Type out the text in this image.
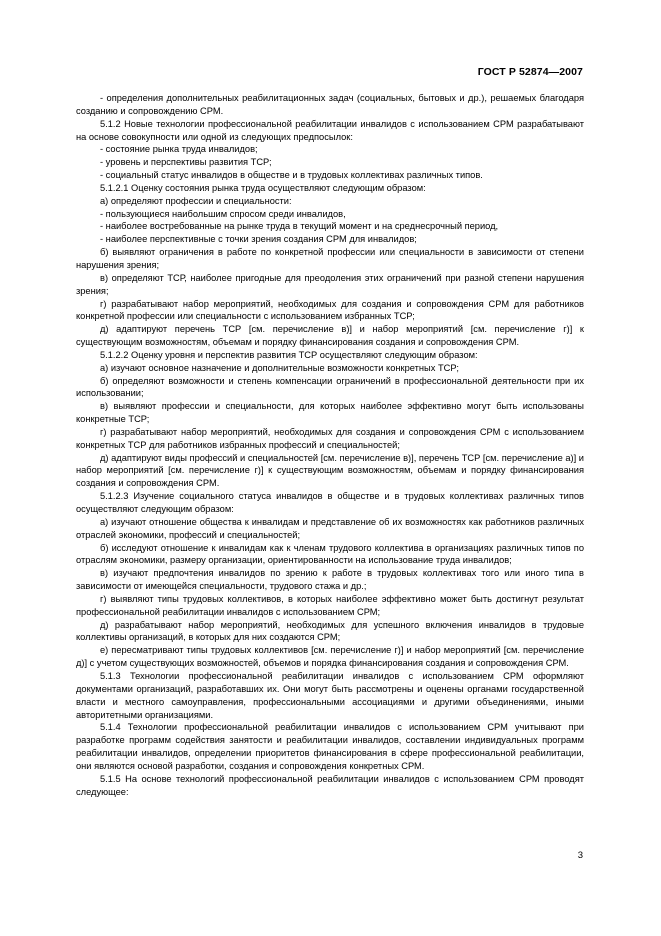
ГОСТ Р 52874—2007

- определения дополнительных реабилитационных задач (социальных, бытовых и др.), решаемых благодаря созданию и сопровождению СРМ.

5.1.2 Новые технологии профессиональной реабилитации инвалидов с использованием СРМ разрабатывают на основе совокупности или одной из следующих предпосылок:

- состояние рынка труда инвалидов;

- уровень и перспективы развития ТСР;

- социальный статус инвалидов в обществе и в трудовых коллективах различных типов.

5.1.2.1 Оценку состояния рынка труда осуществляют следующим образом:

а) определяют профессии и специальности:

- пользующиеся наибольшим спросом среди инвалидов,

- наиболее востребованные на рынке труда в текущий момент и на среднесрочный период,

- наиболее перспективные с точки зрения создания СРМ для инвалидов;

б) выявляют ограничения в работе по конкретной профессии или специальности в зависимости от степени нарушения зрения;

в) определяют ТСР, наиболее пригодные для преодоления этих ограничений при разной степени нарушения зрения;

г) разрабатывают набор мероприятий, необходимых для создания и сопровождения СРМ для работников конкретной профессии или специальности с использованием избранных ТСР;

д) адаптируют перечень ТСР [см. перечисление в)] и набор мероприятий [см. перечисление г)] к существующим возможностям, объемам и порядку финансирования создания и сопровождения СРМ.

5.1.2.2 Оценку уровня и перспектив развития ТСР осуществляют следующим образом:

а) изучают основное назначение и дополнительные возможности конкретных ТСР;

б) определяют возможности и степень компенсации ограничений в профессиональной деятельности при их использовании;

в) выявляют профессии и специальности, для которых наиболее эффективно могут быть использованы конкретные ТСР;

г) разрабатывают набор мероприятий, необходимых для создания и сопровождения СРМ с использованием конкретных ТСР для работников избранных профессий и специальностей;

д) адаптируют виды профессий и специальностей [см. перечисление в)], перечень ТСР [см. перечисление а)] и набор мероприятий [см. перечисление г)] к существующим возможностям, объемам и порядку финансирования создания и сопровождения СРМ.

5.1.2.3 Изучение социального статуса инвалидов в обществе и в трудовых коллективах различных типов осуществляют следующим образом:

а) изучают отношение общества к инвалидам и представление об их возможностях как работников различных отраслей экономики, профессий и специальностей;

б) исследуют отношение к инвалидам как к членам трудового коллектива в организациях различных типов по отраслям экономики, размеру организации, ориентированности на использование труда инвалидов;

в) изучают предпочтения инвалидов по зрению к работе в трудовых коллективах того или иного типа в зависимости от имеющейся специальности, трудового стажа и др.;

г) выявляют типы трудовых коллективов, в которых наиболее эффективно может быть достигнут результат профессиональной реабилитации инвалидов с использованием СРМ;

д) разрабатывают набор мероприятий, необходимых для успешного включения инвалидов в трудовые коллективы организаций, в которых для них создаются СРМ;

е) пересматривают типы трудовых коллективов [см. перечисление г)] и набор мероприятий [см. перечисление д)] с учетом существующих возможностей, объемов и порядка финансирования создания и сопровождения СРМ.

5.1.3 Технологии профессиональной реабилитации инвалидов с использованием СРМ оформляют документами организаций, разработавших их. Они могут быть рассмотрены и оценены органами государственной власти и местного самоуправления, профессиональными ассоциациями и другими объединениями, иными авторитетными организациями.

5.1.4 Технологии профессиональной реабилитации инвалидов с использованием СРМ учитывают при разработке программ содействия занятости и реабилитации инвалидов, составлении индивидуальных программ реабилитации инвалидов, определении приоритетов финансирования в сфере профессиональной реабилитации, они являются основой разработки, создания и сопровождения конкретных СРМ.

5.1.5 На основе технологий профессиональной реабилитации инвалидов с использованием СРМ проводят следующее:

3
